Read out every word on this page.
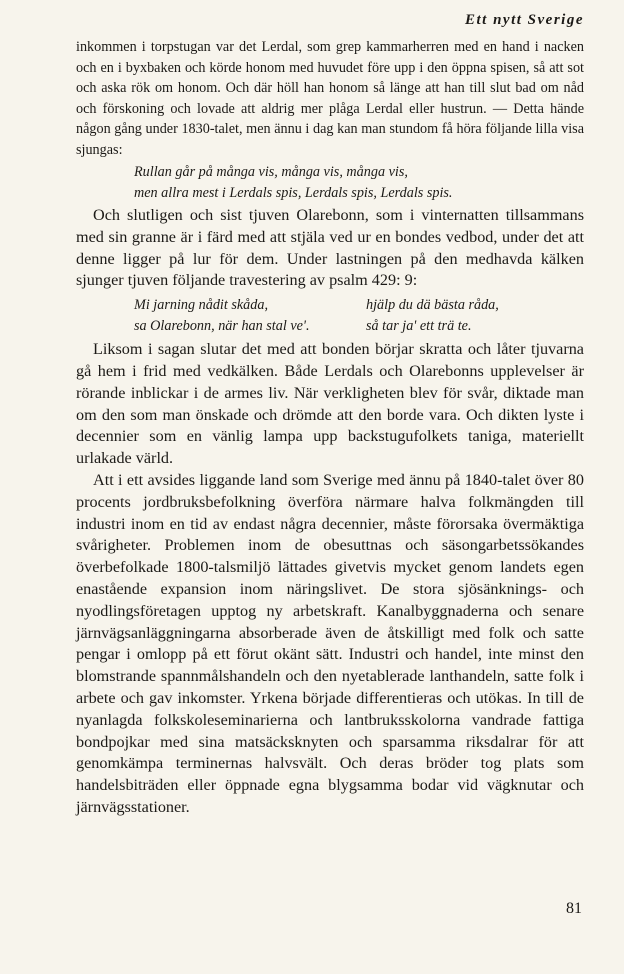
Ett nytt Sverige

inkommen i torpstugan var det Lerdal, som grep kammarherren med en hand i nacken och en i byxbaken och körde honom med huvudet före upp i den öppna spisen, så att sot och aska rök om honom. Och där höll han honom så länge att han till slut bad om nåd och förskoning och lovade att aldrig mer plåga Lerdal eller hustrun. — Detta hände någon gång under 1830-talet, men ännu i dag kan man stundom få höra följande lilla visa sjungas:

Rullan går på många vis, många vis, många vis,
men allra mest i Lerdals spis, Lerdals spis, Lerdals spis.

Och slutligen och sist tjuven Olarebonn, som i vinternatten tillsammans med sin granne är i färd med att stjäla ved ur en bondes vedbod, under det att denne ligger på lur för dem. Under lastningen på den medhavda kälken sjunger tjuven följande travestering av psalm 429: 9:

Mi jarning nådit skåda,	hjälp du dä bästa råda,
sa Olarebonn, när han stal ve'.	så tar ja' ett trä te.

Liksom i sagan slutar det med att bonden börjar skratta och låter tjuvarna gå hem i frid med vedkälken. Både Lerdals och Olarebonns upplevelser är rörande inblickar i de armes liv. När verkligheten blev för svår, diktade man om den som man önskade och drömde att den borde vara. Och dikten lyste i decennier som en vänlig lampa upp backstugufolkets taniga, materiellt urlakade värld.

Att i ett avsides liggande land som Sverige med ännu på 1840-talet över 80 procents jordbruksbefolkning överföra närmare halva folkmängden till industri inom en tid av endast några decennier, måste förorsaka övermäktiga svårigheter. Problemen inom de obesuttnas och säsongarbetssökandes överbefolkade 1800-talsmiljö lättades givetvis mycket genom landets egen enastående expansion inom näringslivet. De stora sjösänknings- och nyodlingsföretagen upptog ny arbetskraft. Kanalbyggnaderna och senare järnvägsanläggningarna absorberade även de åtskilligt med folk och satte pengar i omlopp på ett förut okänt sätt. Industri och handel, inte minst den blomstrande spannmålshandeln och den nyetablerade lanthandeln, satte folk i arbete och gav inkomster. Yrkena började differentieras och utökas. In till de nyanlagda folkskoleseminarierna och lantbruksskolorna vandrade fattiga bondpojkar med sina matsäcksknyten och sparsamma riksdalrar för att genomkämpa terminernas halvsvält. Och deras bröder tog plats som handelsbiträden eller öppnade egna blygsamma bodar vid vägknutar och järnvägsstationer.

81
